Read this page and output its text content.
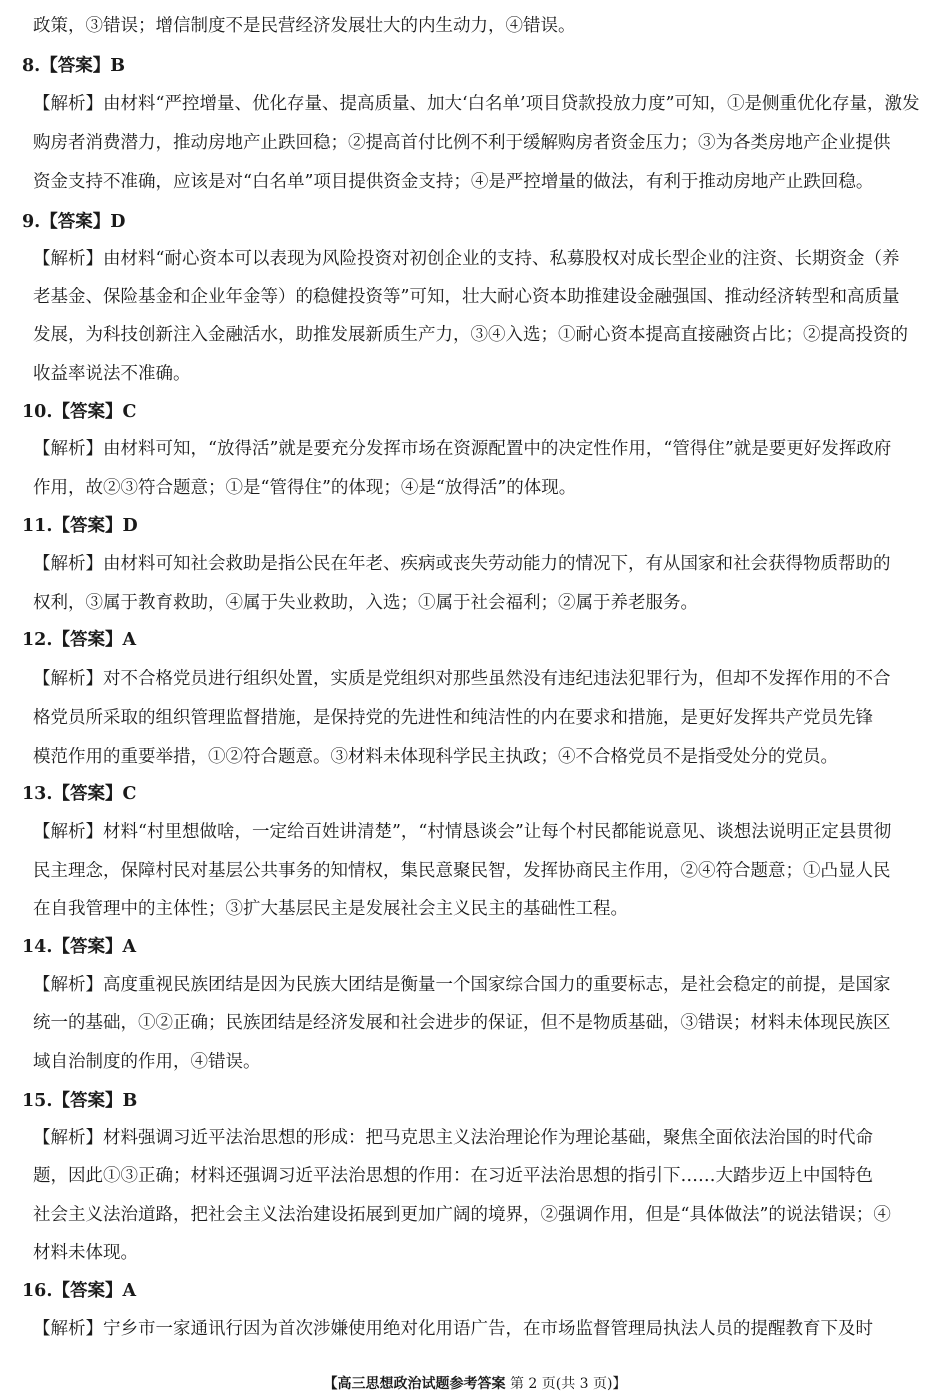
政策，③错误；增信制度不是民营经济发展壮大的内生动力，④错误。
8.【答案】B
【解析】由材料“严控增量、优化存量、提高质量、加大‘白名单’项目贷款投放力度”可知，①是侧重优化存量，激发
购房者消费潜力，推动房地产止跌回稳；②提高首付比例不利于缓解购房者资金压力；③为各类房地产企业提供
资金支持不准确，应该是对“白名单”项目提供资金支持；④是严控增量的做法，有利于推动房地产止跌回稳。
9.【答案】D
【解析】由材料“耐心资本可以表现为风险投资对初创企业的支持、私募股权对成长型企业的注资、长期资金（养
老基金、保险基金和企业年金等）的稳健投资等”可知，壮大耐心资本助推建设金融强国、推动经济转型和高质量
发展，为科技创新注入金融活水，助推发展新质生产力，③④入选；①耐心资本提高直接融资占比；②提高投资的
收益率说法不准确。
10.【答案】C
【解析】由材料可知，“放得活”就是要充分发挥市场在资源配置中的决定性作用，“管得住”就是要更好发挥政府
作用，故②③符合题意；①是“管得住”的体现；④是“放得活”的体现。
11.【答案】D
【解析】由材料可知社会救助是指公民在年老、疾病或丧失劳动能力的情况下，有从国家和社会获得物质帮助的
权利，③属于教育救助，④属于失业救助，入选；①属于社会福利；②属于养老服务。
12.【答案】A
【解析】对不合格党员进行组织处置，实质是党组织对那些虽然没有违纪违法犯罪行为，但却不发挥作用的不合
格党员所采取的组织管理监督措施，是保持党的先进性和纯洁性的内在要求和措施，是更好发挥共产党员先锋
模范作用的重要举措，①②符合题意。③材料未体现科学民主执政；④不合格党员不是指受处分的党员。
13.【答案】C
【解析】材料“村里想做啥，一定给百姓讲清楚”，“村情恳谈会”让每个村民都能说意见、谈想法说明正定县贯彻
民主理念，保障村民对基层公共事务的知情权，集民意聚民智，发挥协商民主作用，②④符合题意；①凸显人民
在自我管理中的主体性；③扩大基层民主是发展社会主义民主的基础性工程。
14.【答案】A
【解析】高度重视民族团结是因为民族大团结是衡量一个国家综合国力的重要标志，是社会稳定的前提，是国家
统一的基础，①②正确；民族团结是经济发展和社会进步的保证，但不是物质基础，③错误；材料未体现民族区
域自治制度的作用，④错误。
15.【答案】B
【解析】材料强调习近平法治思想的形成：把马克思主义法治理论作为理论基础，聚焦全面依法治国的时代命
题，因此①③正确；材料还强调习近平法治思想的作用：在习近平法治思想的指引下……大踏步迈上中国特色
社会主义法治道路，把社会主义法治建设拓展到更加广阔的境界，②强调作用，但是“具体做法”的说法错误；④
材料未体现。
16.【答案】A
【解析】宁乡市一家通讯行因为首次涉嫌使用绝对化用语广告，在市场监督管理局执法人员的提醒教育下及时
【高三思想政治试题参考答案 第 2 页(共 3 页)】
